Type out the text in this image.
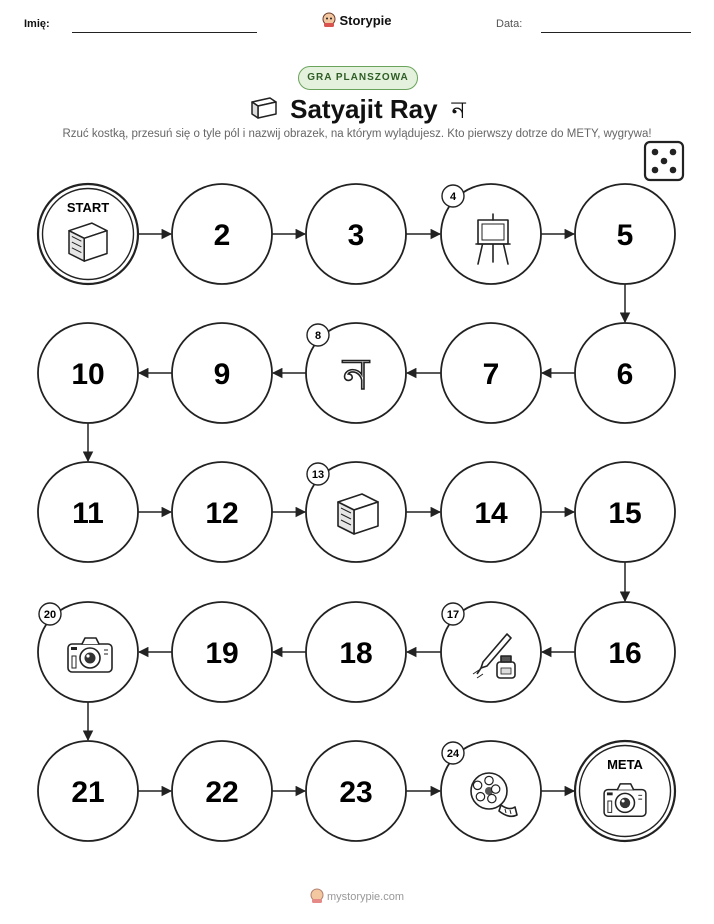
Imię:	Storypie	Data:
GRA PLANSZOWA
Satyajit Ray ন
Rzuć kostką, przesuń się o tyle pól i nazwij obrazek, na którym wylądujesz. Kto pierwszy dotrze do METY, wygrywa!
START
2	3
4
5
6
7
ন
8
9
10
11	12
13
14	15
16
17
18
19
20
21	22	23
24
META
mystorypie.com
